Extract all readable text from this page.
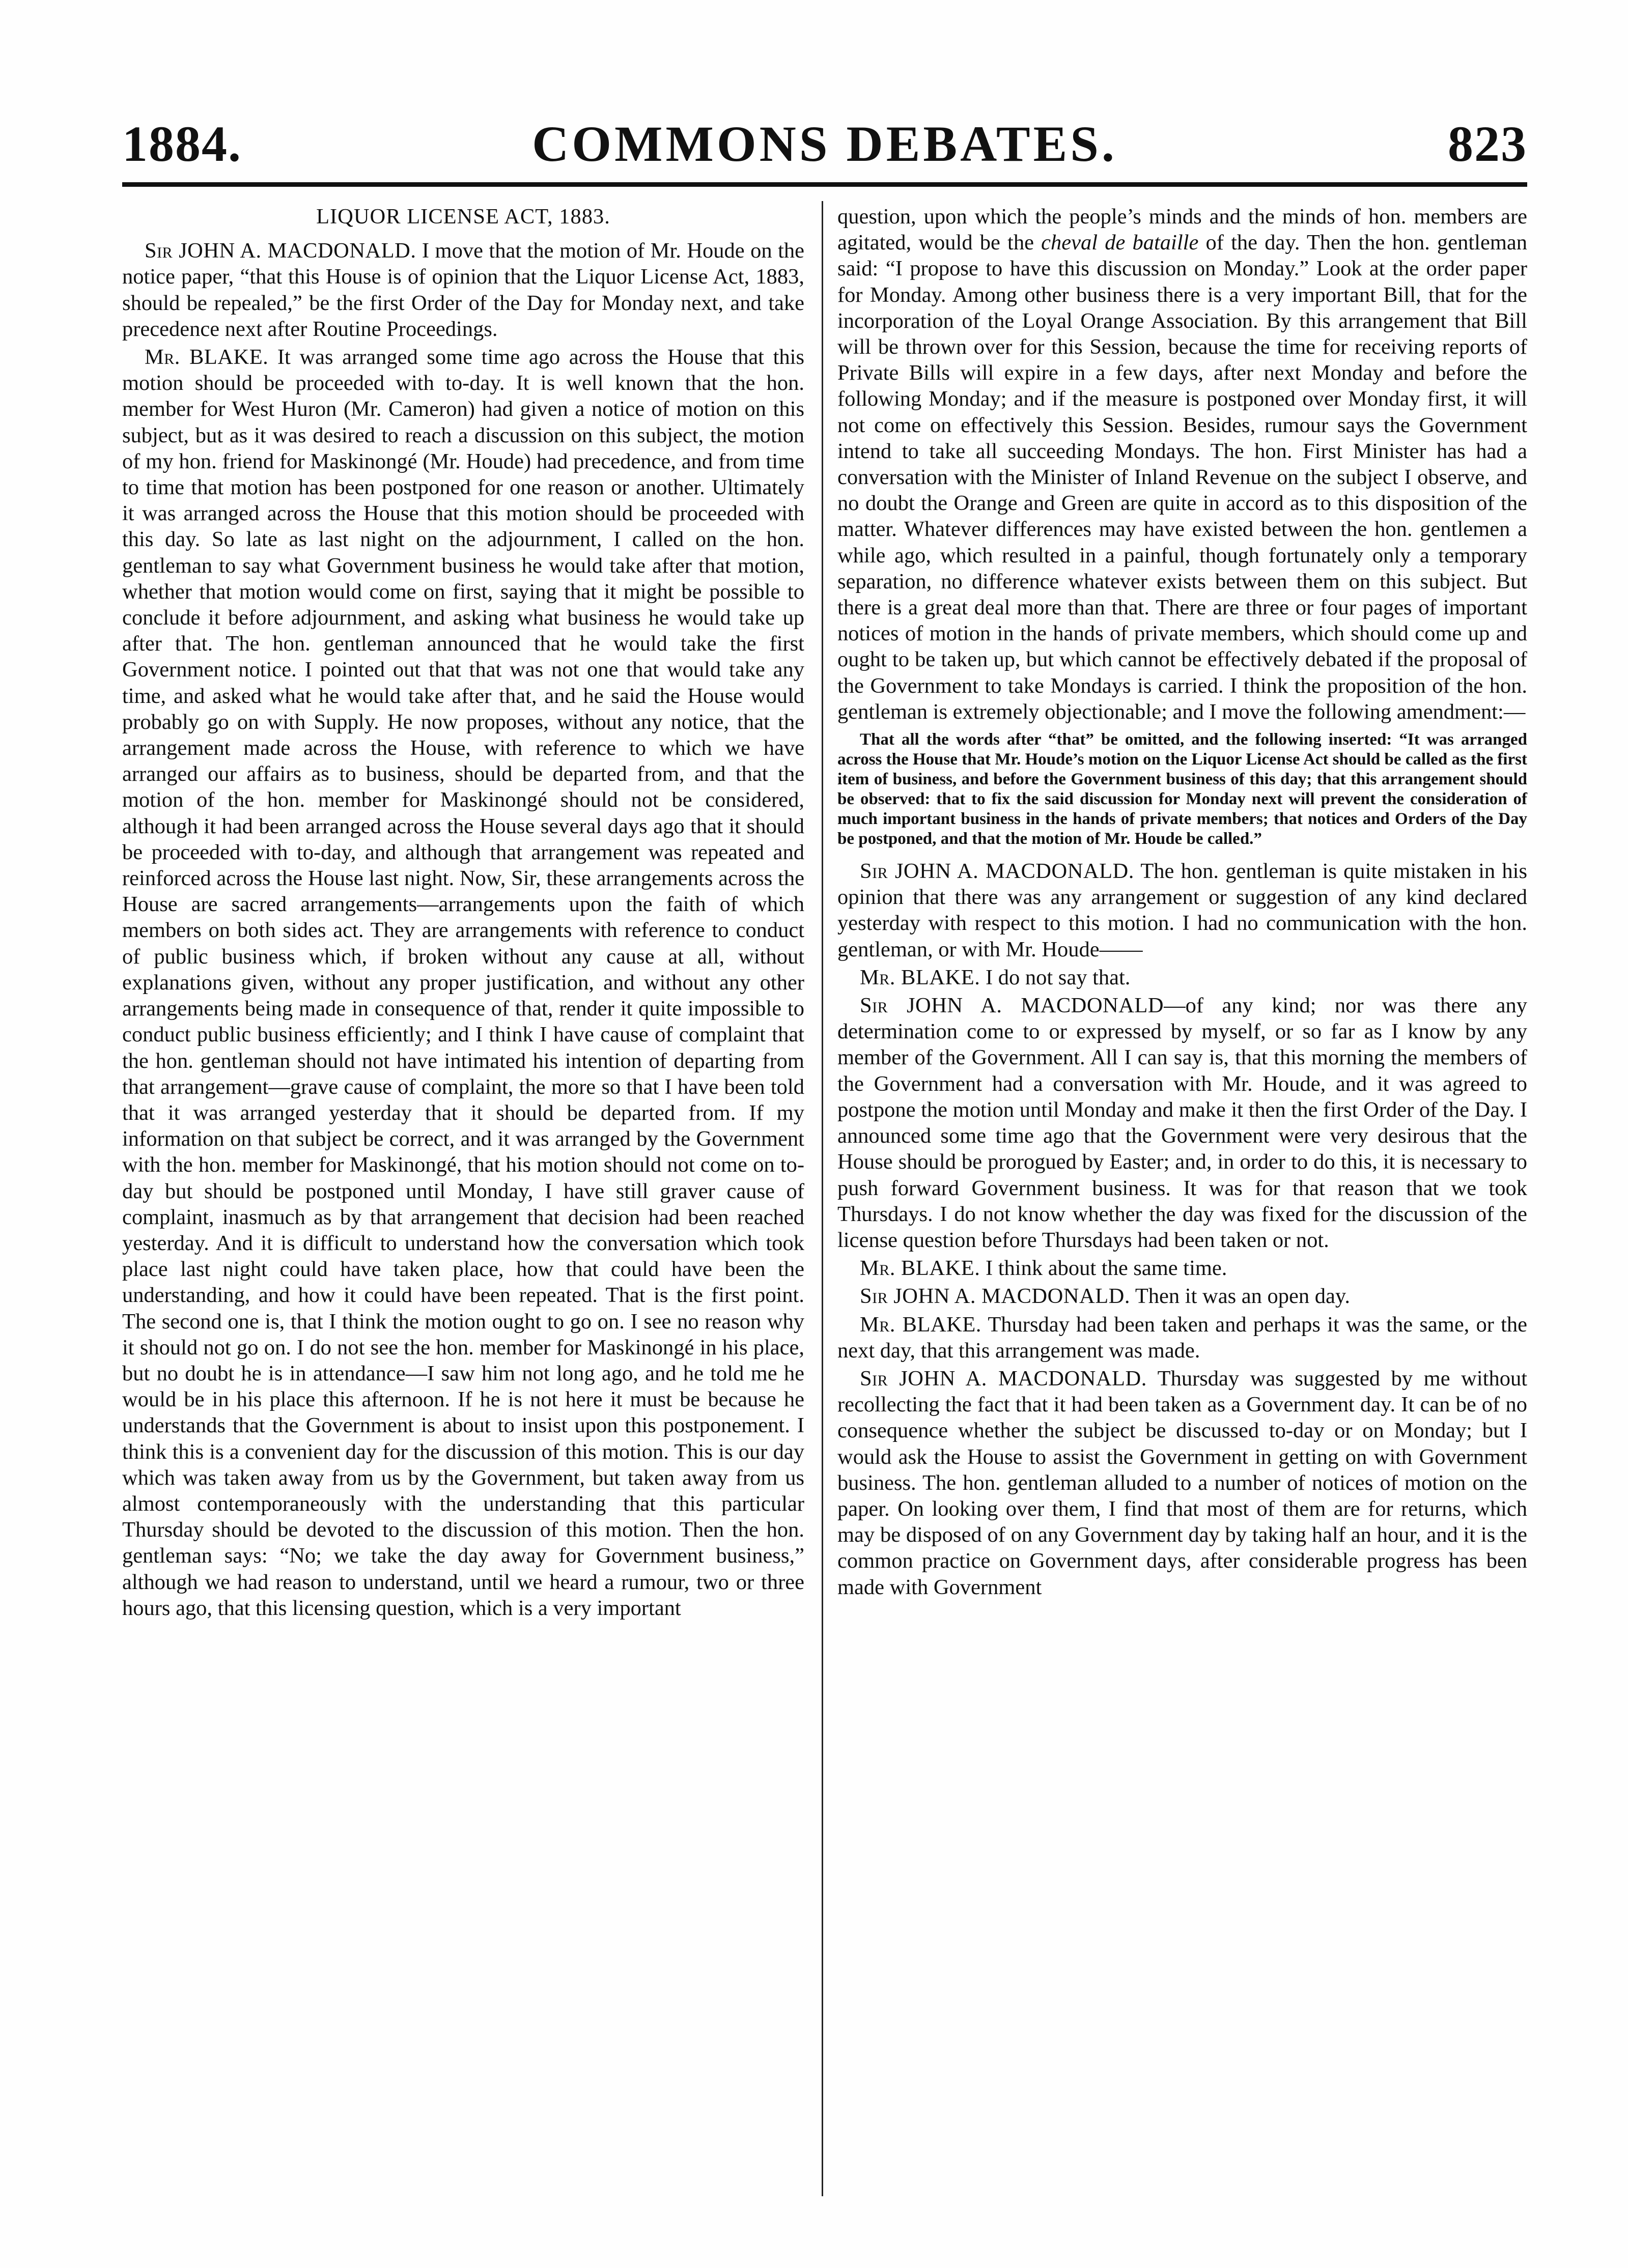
1884.	COMMONS DEBATES.	823

LIQUOR LICENSE ACT, 1883.

Sir JOHN A. MACDONALD. I move that the motion of Mr. Houde on the notice paper, “that this House is of opinion that the Liquor License Act, 1883, should be repealed,” be the first Order of the Day for Monday next, and take precedence next after Routine Proceedings.

Mr. BLAKE. It was arranged some time ago across the House that this motion should be proceeded with to-day. It is well known that the hon. member for West Huron (Mr. Cameron) had given a notice of motion on this subject, but as it was desired to reach a discussion on this subject, the motion of my hon. friend for Maskinongé (Mr. Houde) had precedence, and from time to time that motion has been postponed for one reason or another. Ultimately it was arranged across the House that this motion should be proceeded with this day. So late as last night on the adjournment, I called on the hon. gentleman to say what Government business he would take after that motion, whether that motion would come on first, saying that it might be possible to conclude it before adjournment, and asking what business he would take up after that. The hon. gentleman announced that he would take the first Government notice. I pointed out that that was not one that would take any time, and asked what he would take after that, and he said the House would probably go on with Supply. He now proposes, without any notice, that the arrangement made across the House, with reference to which we have arranged our affairs as to business, should be departed from, and that the motion of the hon. member for Maskinongé should not be considered, although it had been arranged across the House several days ago that it should be proceeded with to-day, and although that arrangement was repeated and reinforced across the House last night. Now, Sir, these arrangements across the House are sacred arrangements—arrangements upon the faith of which members on both sides act. They are arrangements with reference to conduct of public business which, if broken without any cause at all, without explanations given, without any proper justification, and without any other arrangements being made in consequence of that, render it quite impossible to conduct public business efficiently; and I think I have cause of complaint that the hon. gentleman should not have intimated his intention of departing from that arrangement—grave cause of complaint, the more so that I have been told that it was arranged yesterday that it should be departed from. If my information on that subject be correct, and it was arranged by the Government with the hon. member for Maskinongé, that his motion should not come on to-day but should be postponed until Monday, I have still graver cause of complaint, inasmuch as by that arrangement that decision had been reached yesterday. And it is difficult to understand how the conversation which took place last night could have taken place, how that could have been the understanding, and how it could have been repeated. That is the first point. The second one is, that I think the motion ought to go on. I see no reason why it should not go on. I do not see the hon. member for Maskinongé in his place, but no doubt he is in attendance—I saw him not long ago, and he told me he would be in his place this afternoon. If he is not here it must be because he understands that the Government is about to insist upon this postponement. I think this is a convenient day for the discussion of this motion. This is our day which was taken away from us by the Government, but taken away from us almost contemporaneously with the understanding that this particular Thursday should be devoted to the discussion of this motion. Then the hon. gentleman says: “No; we take the day away for Government business,” although we had reason to understand, until we heard a rumour, two or three hours ago, that this licensing question, which is a very important

question, upon which the people’s minds and the minds of hon. members are agitated, would be the cheval de bataille of the day. Then the hon. gentleman said: “I propose to have this discussion on Monday.” Look at the order paper for Monday. Among other business there is a very important Bill, that for the incorporation of the Loyal Orange Association. By this arrangement that Bill will be thrown over for this Session, because the time for receiving reports of Private Bills will expire in a few days, after next Monday and before the following Monday; and if the measure is postponed over Monday first, it will not come on effectively this Session. Besides, rumour says the Government intend to take all succeeding Mondays. The hon. First Minister has had a conversation with the Minister of Inland Revenue on the subject I observe, and no doubt the Orange and Green are quite in accord as to this disposition of the matter. Whatever differences may have existed between the hon. gentlemen a while ago, which resulted in a painful, though fortunately only a temporary separation, no difference whatever exists between them on this subject. But there is a great deal more than that. There are three or four pages of important notices of motion in the hands of private members, which should come up and ought to be taken up, but which cannot be effectively debated if the proposal of the Government to take Mondays is carried. I think the proposition of the hon. gentleman is extremely objectionable; and I move the following amendment:—

That all the words after “that” be omitted, and the following inserted: “It was arranged across the House that Mr. Houde’s motion on the Liquor License Act should be called as the first item of business, and before the Government business of this day; that this arrangement should be observed: that to fix the said discussion for Monday next will prevent the consideration of much important business in the hands of private members; that notices and Orders of the Day be postponed, and that the motion of Mr. Houde be called.”

Sir JOHN A. MACDONALD. The hon. gentleman is quite mistaken in his opinion that there was any arrangement or suggestion of any kind declared yesterday with respect to this motion. I had no communication with the hon. gentleman, or with Mr. Houde——

Mr. BLAKE. I do not say that.

Sir JOHN A. MACDONALD—of any kind; nor was there any determination come to or expressed by myself, or so far as I know by any member of the Government. All I can say is, that this morning the members of the Government had a conversation with Mr. Houde, and it was agreed to postpone the motion until Monday and make it then the first Order of the Day. I announced some time ago that the Government were very desirous that the House should be prorogued by Easter; and, in order to do this, it is necessary to push forward Government business. It was for that reason that we took Thursdays. I do not know whether the day was fixed for the discussion of the license question before Thursdays had been taken or not.

Mr. BLAKE. I think about the same time.

Sir JOHN A. MACDONALD. Then it was an open day.

Mr. BLAKE. Thursday had been taken and perhaps it was the same, or the next day, that this arrangement was made.

Sir JOHN A. MACDONALD. Thursday was suggested by me without recollecting the fact that it had been taken as a Government day. It can be of no consequence whether the subject be discussed to-day or on Monday; but I would ask the House to assist the Government in getting on with Government business. The hon. gentleman alluded to a number of notices of motion on the paper. On looking over them, I find that most of them are for returns, which may be disposed of on any Government day by taking half an hour, and it is the common practice on Government days, after considerable progress has been made with Government
